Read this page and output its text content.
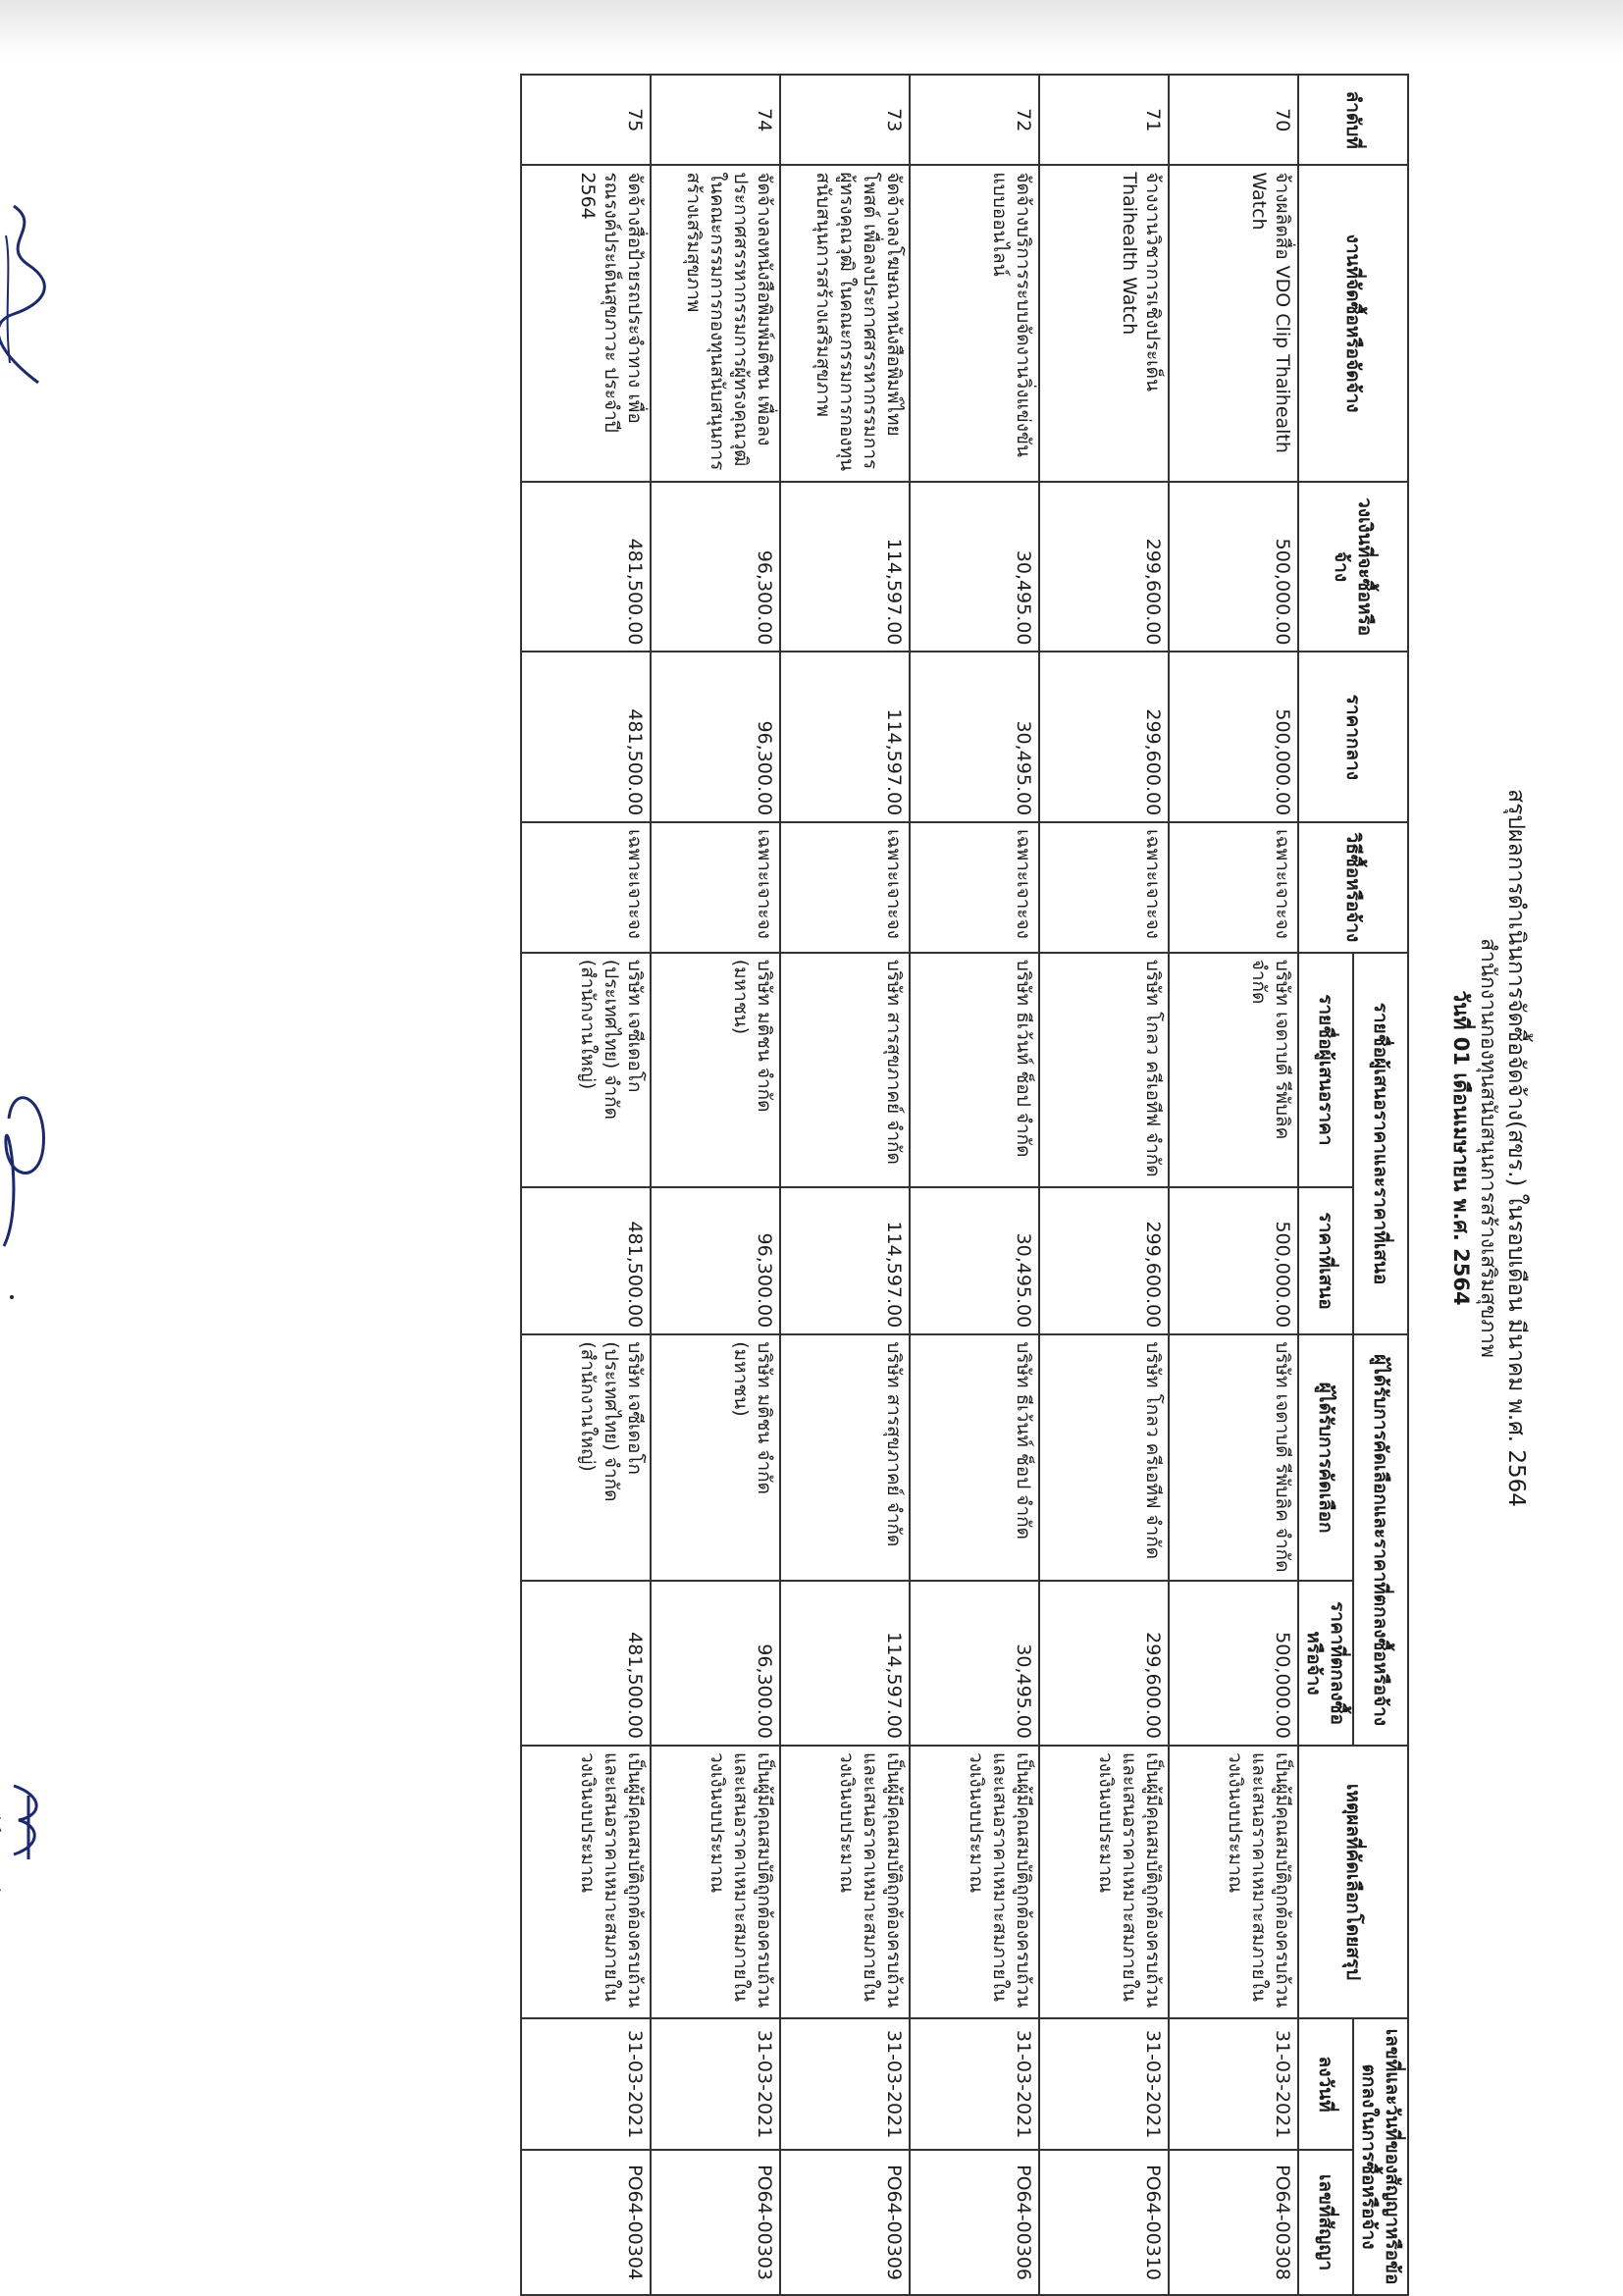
สรุปผลการดำเนินการจัดซื้อจัดจ้าง(สขร.) ในรอบเดือน มีนาคม พ.ศ. 2564
สำนักงานกองทุนสนับสนุนการสร้างเสริมสุขภาพ
วันที่ 01 เดือนเมษายน พ.ศ. 2564
ลำดับที่	งานที่จัดซื้อหรือจัดจ้าง	วงเงินที่จะซื้อหรือจ้าง	ราคากลาง	วิธีซื้อหรือจ้าง	รายชื่อผู้เสนอราคาและราคาที่เสนอ		ผู้ได้รับการคัดเลือกและราคาที่ตกลงซื้อหรือจ้าง		เหตุผลที่คัดเลือกโดยสรุป	เลขที่และวันที่ของสัญญาหรือข้อตกลงในการซื้อหรือจ้าง	
					รายชื่อผู้เสนอราคา	ราคาที่เสนอ	ผู้ได้รับการคัดเลือก	ราคาที่ตกลงซื้อหรือจ้าง		ลงวันที่	เลขที่สัญญา
70	จ้างผลิตสื่อ VDO Clip Thaihealth Watch	500,000.00	500,000.00	เฉพาะเจาะจง	บริษัท เจดาบดี รีพับลิค จำกัด	500,000.00	บริษัท เจดาบดี รีพับลิค จำกัด	500,000.00	เป็นผู้มีคุณสมบัติถูกต้องครบถ้วนและเสนอราคาเหมาะสมภายในวงเงินงบประมาณ	31-03-2021	PO64-00308
71	จ้างงานวิชาการเชิงประเด็น Thaihealth Watch	299,600.00	299,600.00	เฉพาะเจาะจง	บริษัท โกลว ครีเอทีฟ จำกัด	299,600.00	บริษัท โกลว ครีเอทีฟ จำกัด	299,600.00	เป็นผู้มีคุณสมบัติถูกต้องครบถ้วนและเสนอราคาเหมาะสมภายในวงเงินงบประมาณ	31-03-2021	PO64-00310
72	จัดจ้างบริการระบบจัดงานวิ่งแข่งขันแบบออนไลน์	30,495.00	30,495.00	เฉพาะเจาะจง	บริษัท ธีเว้นท์ ช็อป จำกัด	30,495.00	บริษัท ธีเว้นท์ ช็อป จำกัด	30,495.00	เป็นผู้มีคุณสมบัติถูกต้องครบถ้วนและเสนอราคาเหมาะสมภายในวงเงินงบประมาณ	31-03-2021	PO64-00306
73	จัดจ้างลงโฆษณาหนังสือพิมพ์ไทยโพสต์ เพื่อลงประกาศสรรหากรรมการผู้ทรงคุณวุฒิ ในคณะกรรมการกองทุนสนับสนุนการสร้างเสริมสุขภาพ	114,597.00	114,597.00	เฉพาะเจาะจง	บริษัท สารสุขภาคย์ จำกัด	114,597.00	บริษัท สารสุขภาคย์ จำกัด	114,597.00	เป็นผู้มีคุณสมบัติถูกต้องครบถ้วนและเสนอราคาเหมาะสมภายในวงเงินงบประมาณ	31-03-2021	PO64-00309
74	จัดจ้างลงหนังสือพิมพ์มติชน เพื่อลงประกาศสรรหากรรมการผู้ทรงคุณวุฒิ ในคณะกรรมการกองทุนสนับสนุนการสร้างเสริมสุขภาพ	96,300.00	96,300.00	เฉพาะเจาะจง	บริษัท มติชน จำกัด (มหาชน)	96,300.00	บริษัท มติชน จำกัด (มหาชน)	96,300.00	เป็นผู้มีคุณสมบัติถูกต้องครบถ้วนและเสนอราคาเหมาะสมภายในวงเงินงบประมาณ	31-03-2021	PO64-00303
75	จัดจ้างสื่อป้ายรถประจำทาง เพื่อรณรงค์ประเด็นสุขภาวะ ประจำปี 2564	481,500.00	481,500.00	เฉพาะเจาะจง	บริษัท เจซีเดอโก (ประเทศไทย) จำกัด (สำนักงานใหญ่)	481,500.00	บริษัท เจซีเดอโก (ประเทศไทย) จำกัด (สำนักงานใหญ่)	481,500.00	เป็นผู้มีคุณสมบัติถูกต้องครบถ้วนและเสนอราคาเหมาะสมภายในวงเงินงบประมาณ	31-03-2021	PO64-00304
